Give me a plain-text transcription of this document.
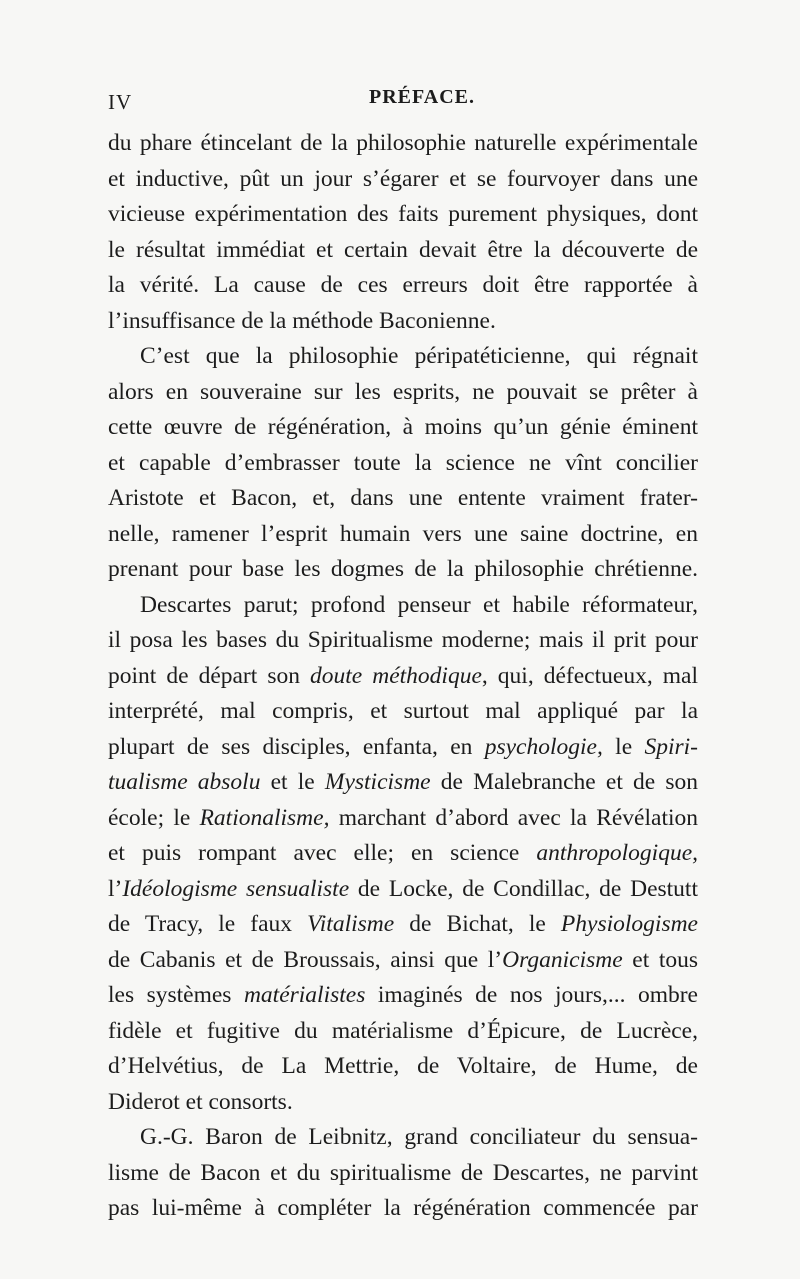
IV	PRÉFACE.
du phare étincelant de la philosophie naturelle expérimentale
et inductive, pût un jour s’égarer et se fourvoyer dans une
vicieuse expérimentation des faits purement physiques, dont
le résultat immédiat et certain devait être la découverte de
la vérité. La cause de ces erreurs doit être rapportée à
l’insuffisance de la méthode Baconienne.
C’est que la philosophie péripatéticienne, qui régnait
alors en souveraine sur les esprits, ne pouvait se prêter à
cette œuvre de régénération, à moins qu’un génie éminent
et capable d’embrasser toute la science ne vînt concilier
Aristote et Bacon, et, dans une entente vraiment frater-
nelle, ramener l’esprit humain vers une saine doctrine, en
prenant pour base les dogmes de la philosophie chrétienne.
Descartes parut; profond penseur et habile réformateur,
il posa les bases du Spiritualisme moderne; mais il prit pour
point de départ son doute méthodique, qui, défectueux, mal
interprété, mal compris, et surtout mal appliqué par la
plupart de ses disciples, enfanta, en psychologie, le Spiri-
tualisme absolu et le Mysticisme de Malebranche et de son
école; le Rationalisme, marchant d’abord avec la Révélation
et puis rompant avec elle; en science anthropologique,
l’Idéologisme sensualiste de Locke, de Condillac, de Destutt
de Tracy, le faux Vitalisme de Bichat, le Physiologisme
de Cabanis et de Broussais, ainsi que l’Organicisme et tous
les systèmes matérialistes imaginés de nos jours,... ombre
fidèle et fugitive du matérialisme d’Épicure, de Lucrèce,
d’Helvétius, de La Mettrie, de Voltaire, de Hume, de
Diderot et consorts.
G.-G. Baron de Leibnitz, grand conciliateur du sensua-
lisme de Bacon et du spiritualisme de Descartes, ne parvint
pas lui-même à compléter la régénération commencée par
